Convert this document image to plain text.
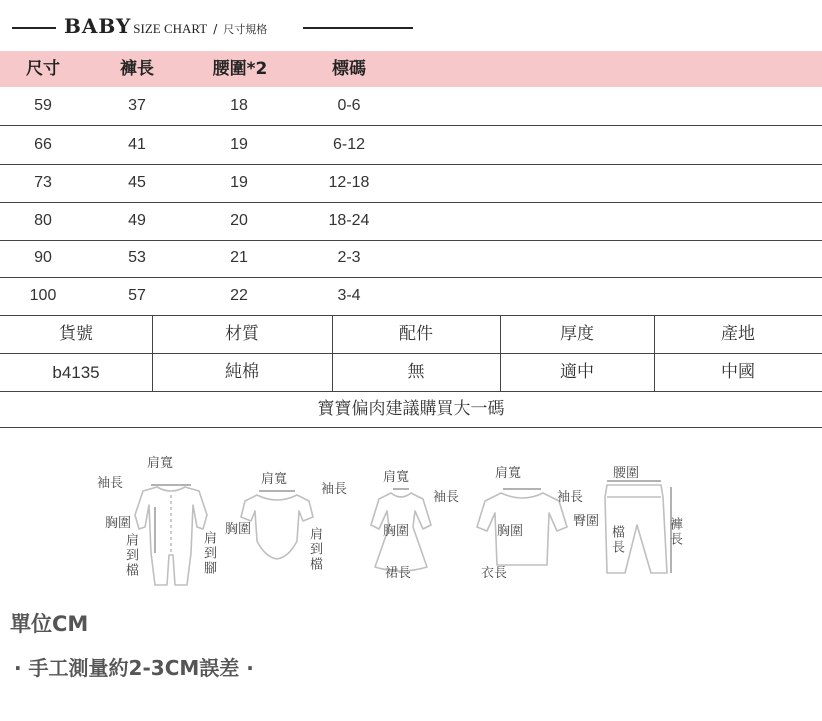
BABY SIZE CHART / 尺寸規格
尺寸	褲長	腰圍*2	標碼
59	37	18	0-6
66	41	19	6-12
73	45	19	12-18
80	49	20	18-24
90	53	21	2-3
100	57	22	3-4
貨號	材質	配件	厚度	產地
b4135	純棉	無	適中	中國
寶寶偏肉建議購買大一碼
肩寬
袖長
胸圍
肩到檔	肩到腳
肩寬
袖長
胸圍	肩到檔
肩寬
袖長
胸圍
裙長
肩寬
袖長
胸圍
衣長
腰圍
臀圍
檔長	褲長
單位CM
· 手工測量約2-3CM誤差 ·
